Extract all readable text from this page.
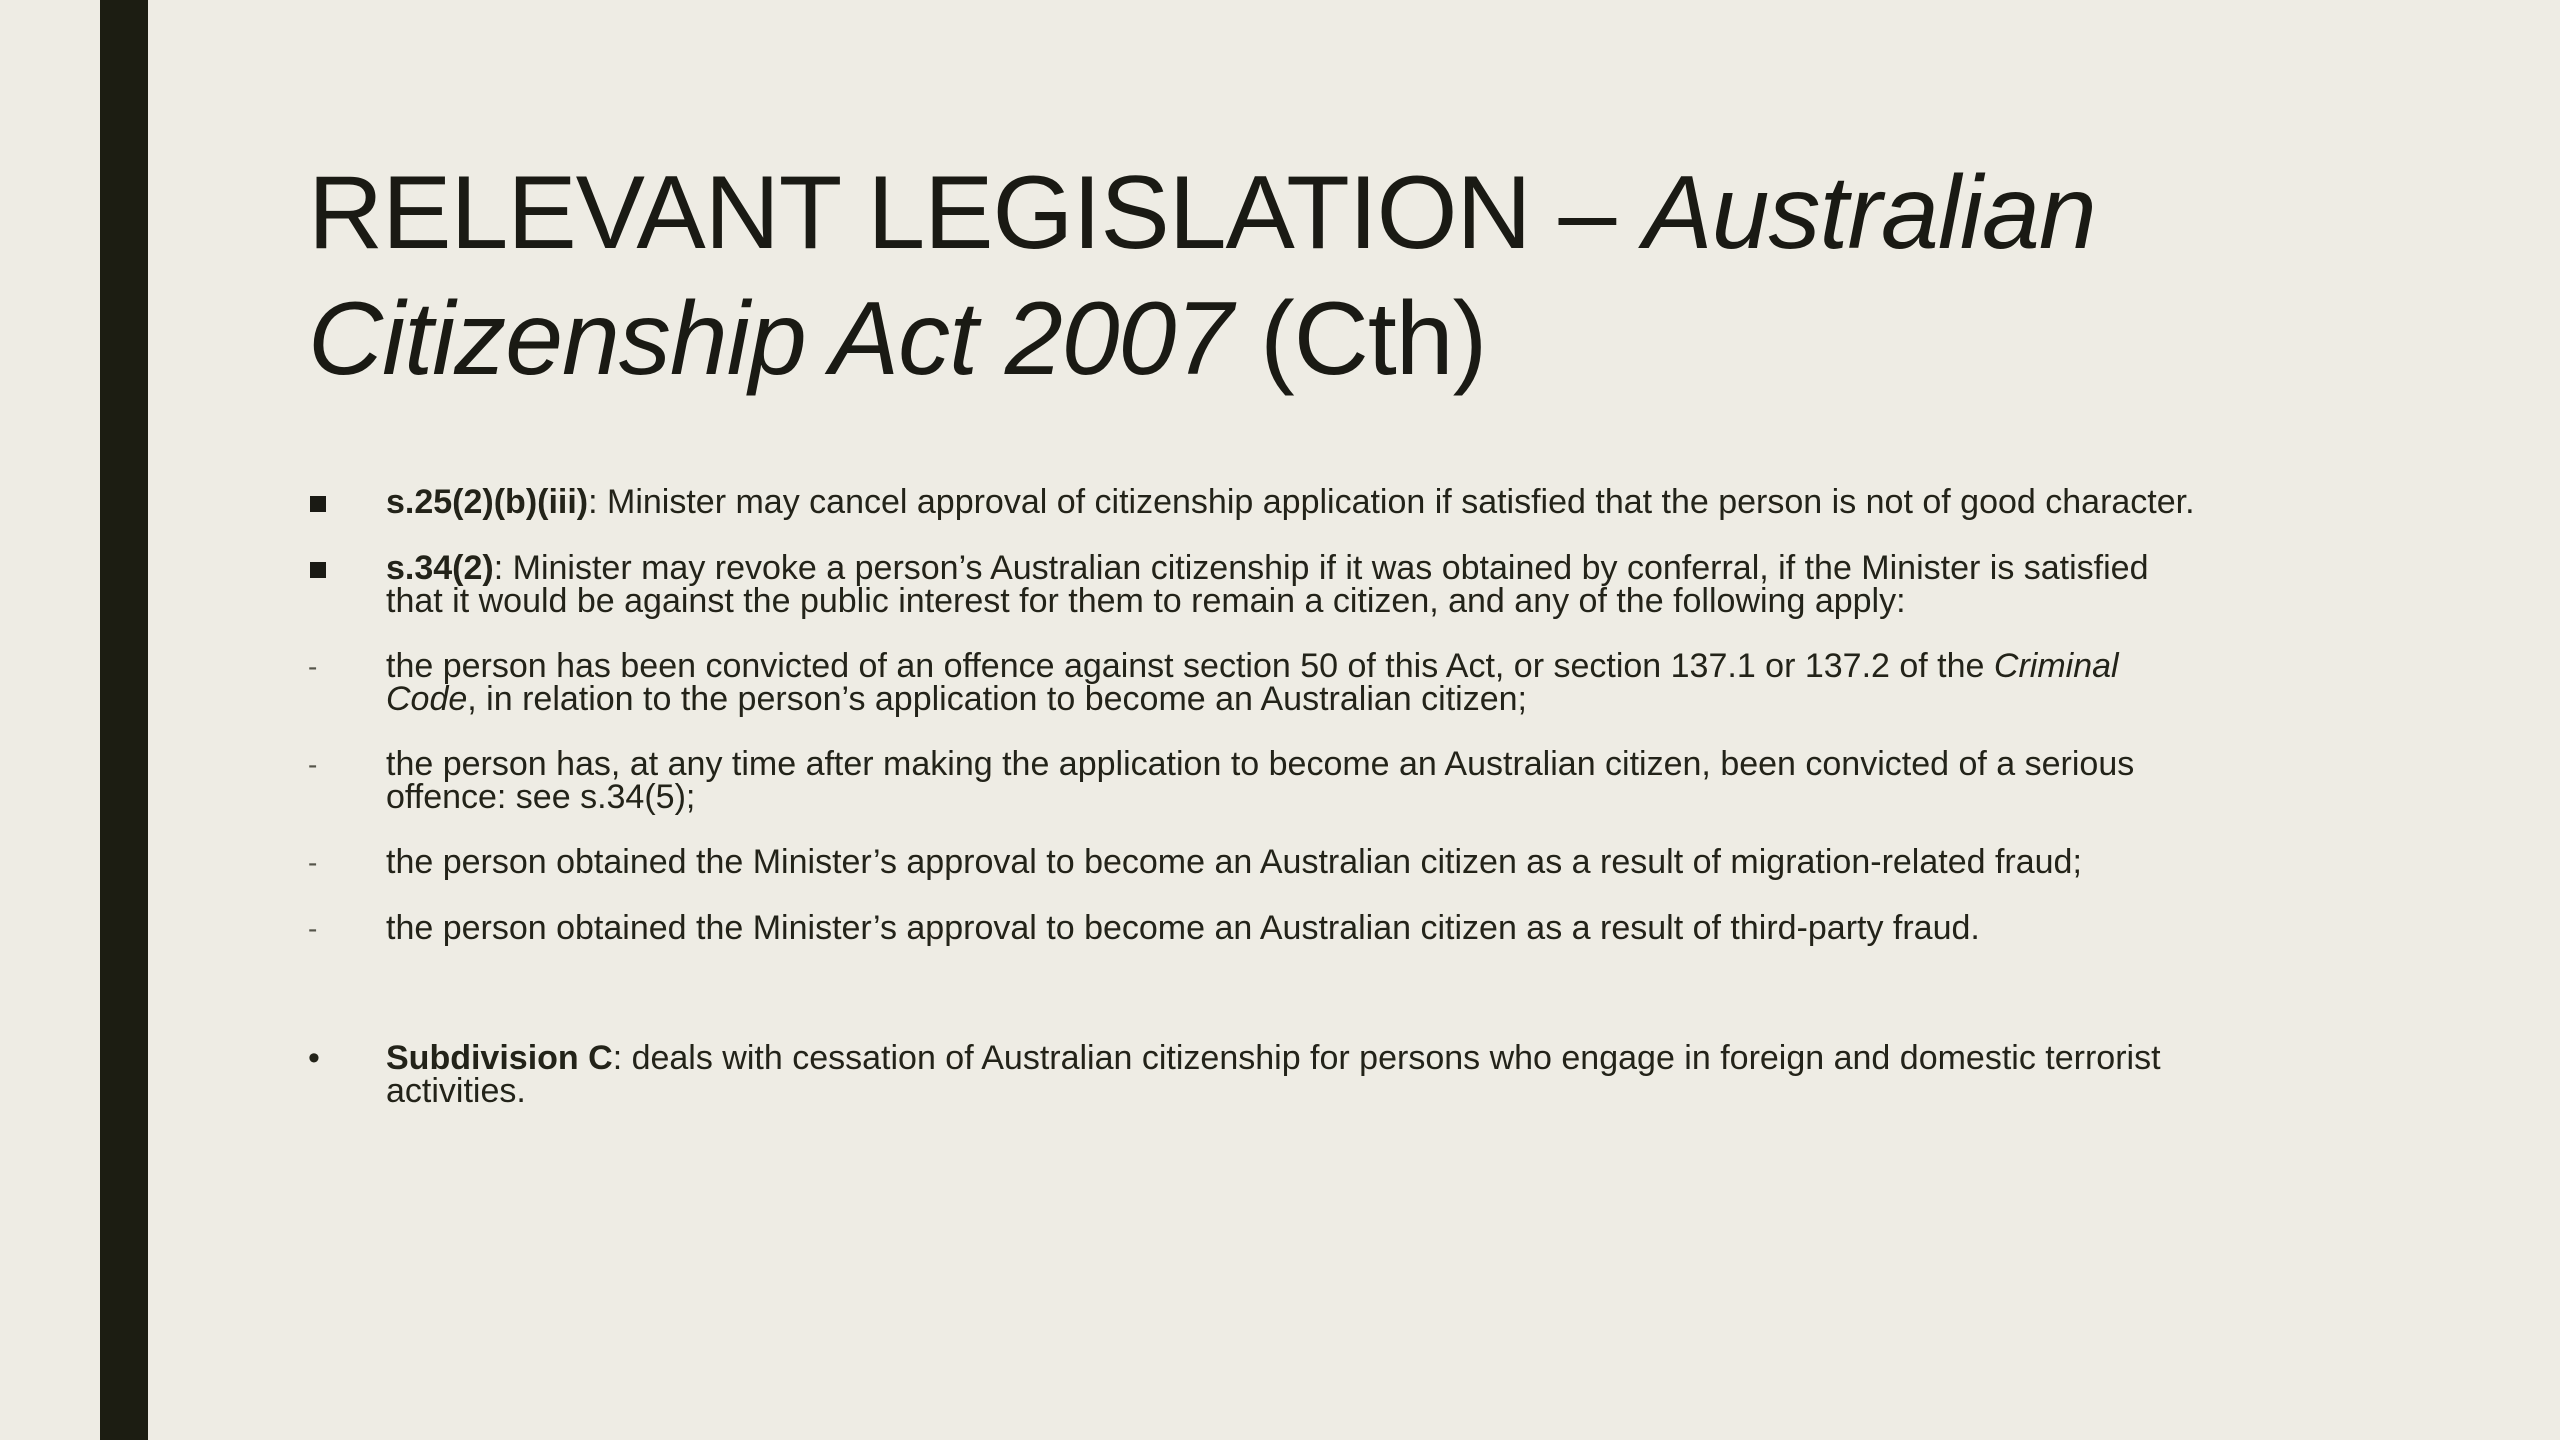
RELEVANT LEGISLATION – Australian Citizenship Act 2007 (Cth)
s.25(2)(b)(iii): Minister may cancel approval of citizenship application if satisfied that the person is not of good character.
s.34(2): Minister may revoke a person’s Australian citizenship if it was obtained by conferral, if the Minister is satisfied
that it would be against the public interest for them to remain a citizen, and any of the following apply:
-	the person has been convicted of an offence against section 50 of this Act, or section 137.1 or 137.2 of the Criminal
Code, in relation to the person’s application to become an Australian citizen;
-	the person has, at any time after making the application to become an Australian citizen, been convicted of a serious
offence: see s.34(5);
-	the person obtained the Minister’s approval to become an Australian citizen as a result of migration-related fraud;
-	the person obtained the Minister’s approval to become an Australian citizen as a result of third-party fraud.
•	Subdivision C: deals with cessation of Australian citizenship for persons who engage in foreign and domestic terrorist
activities.
